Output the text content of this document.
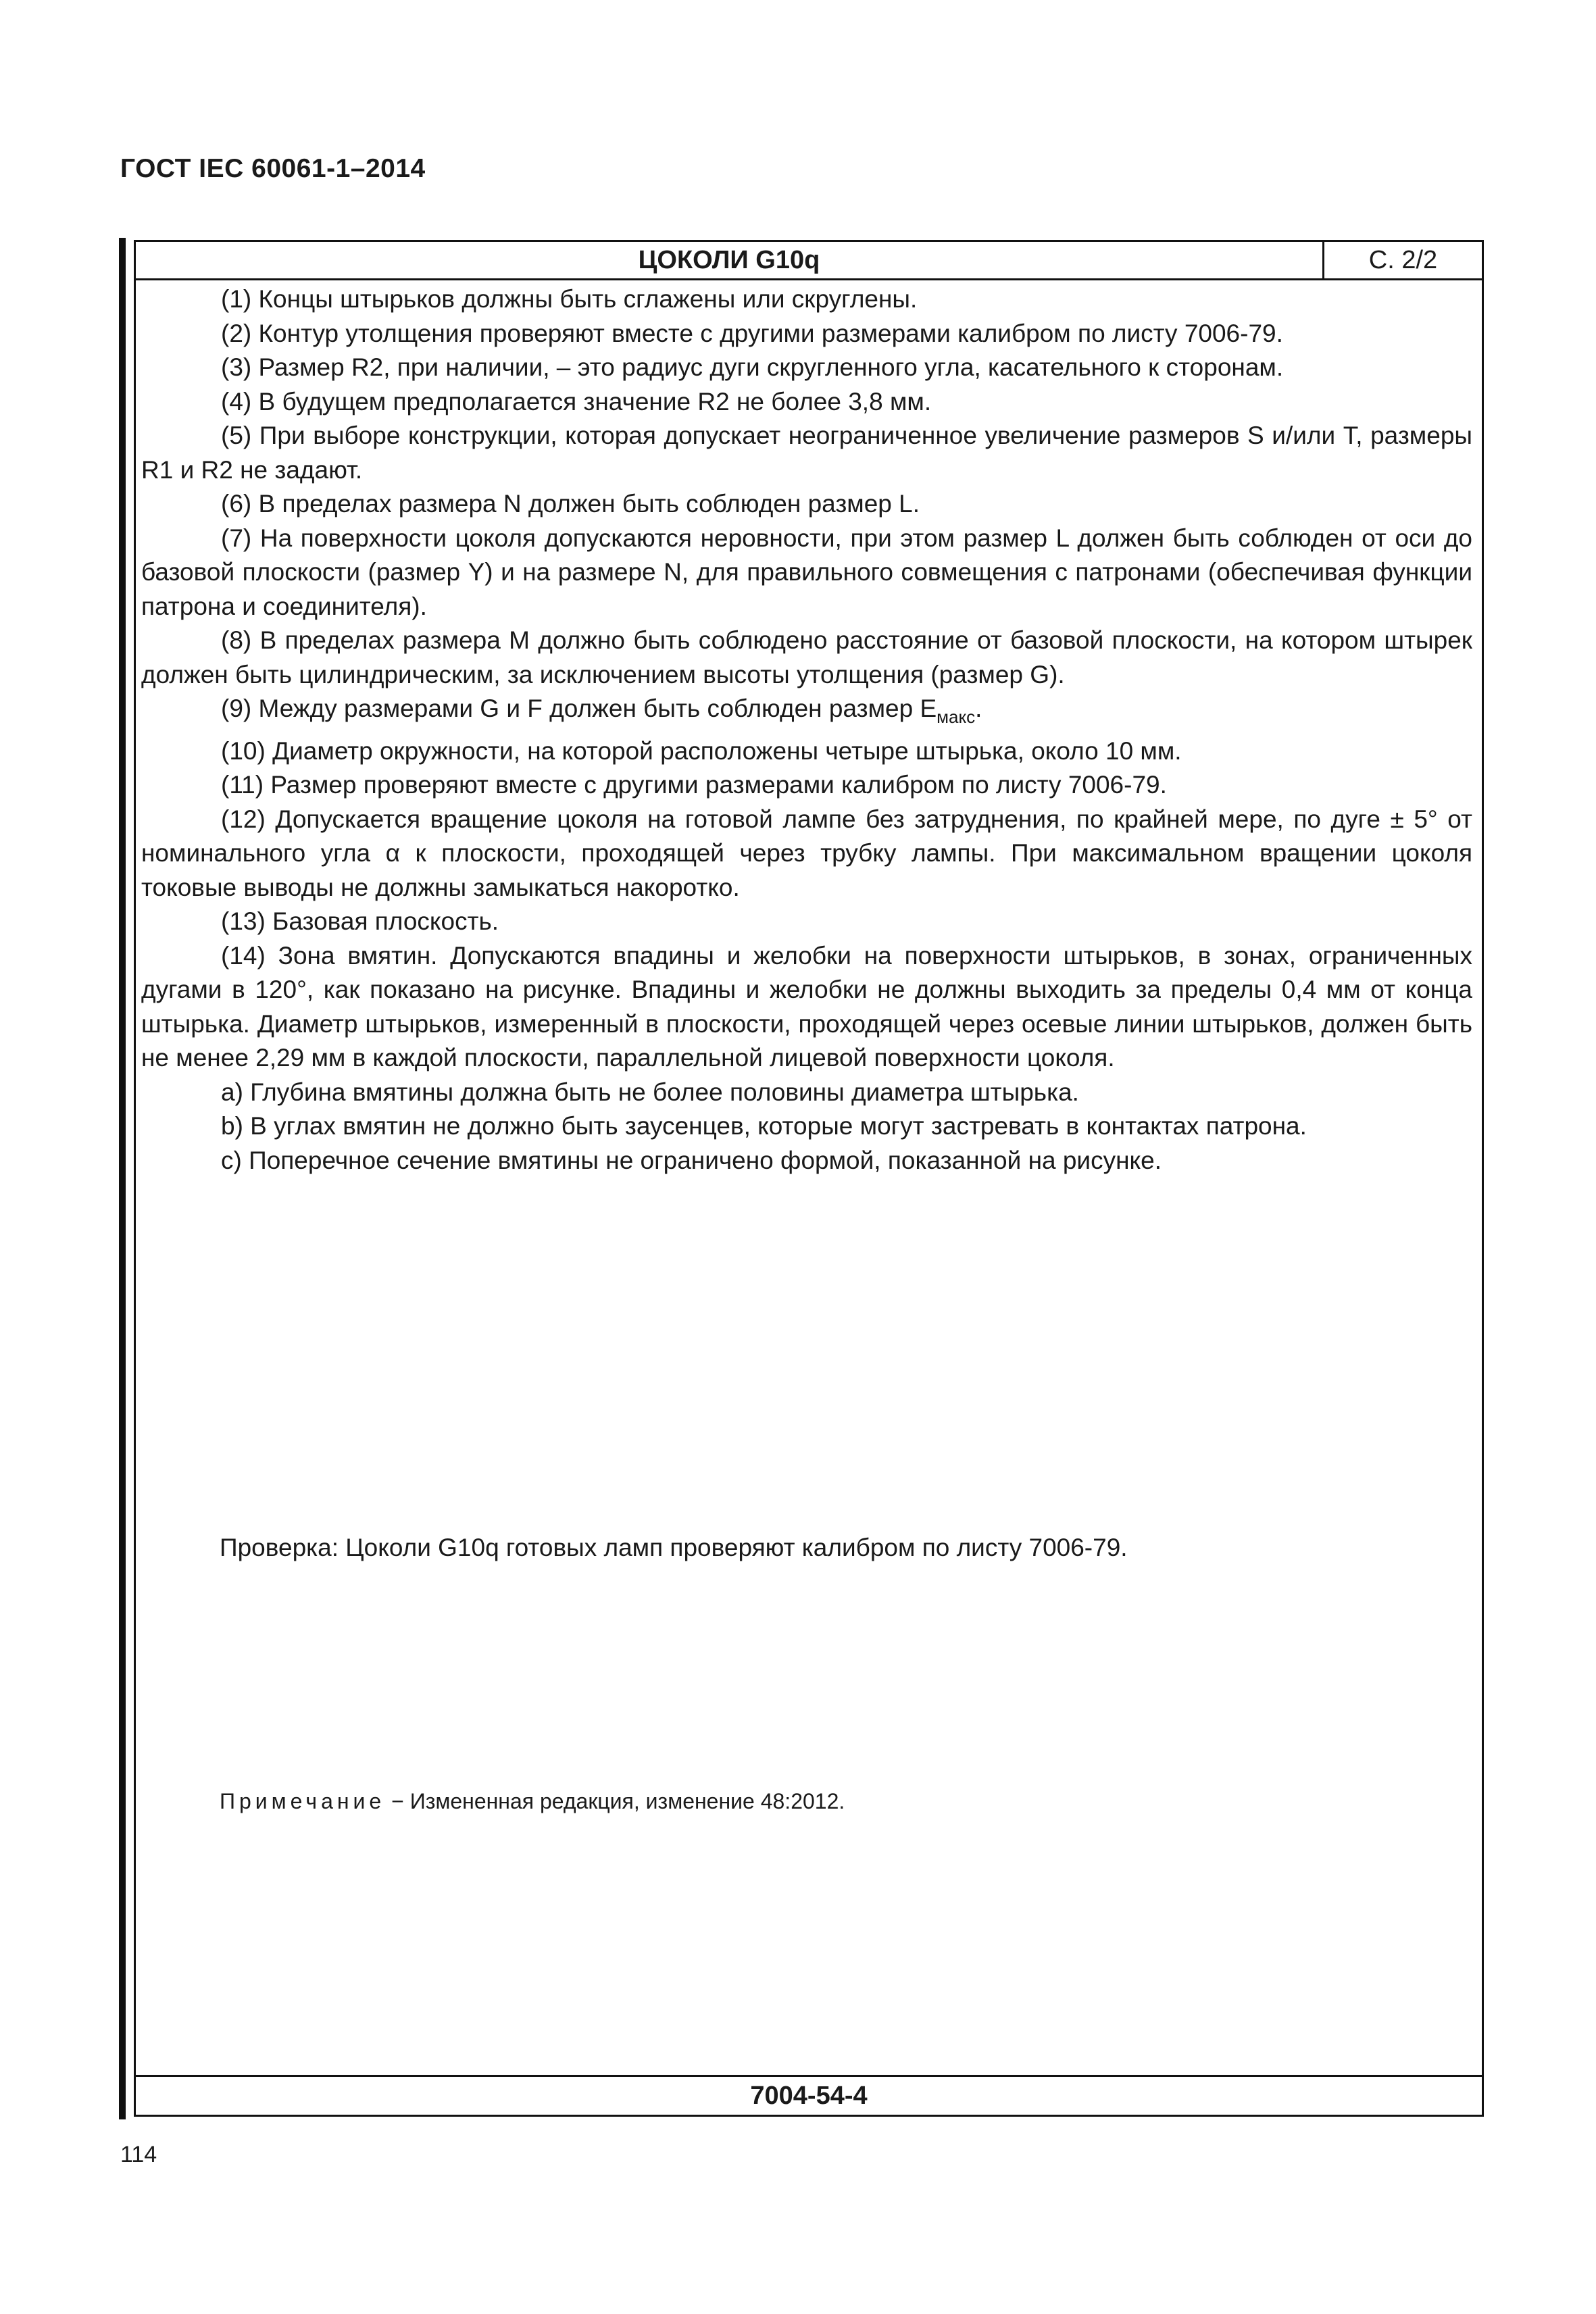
ГОСТ IEC 60061-1–2014
ЦОКОЛИ G10q	С. 2/2

(1) Концы штырьков должны быть сглажены или скруглены.

(2) Контур утолщения проверяют вместе с другими размерами калибром по листу 7006-79.

(3) Размер R2, при наличии, – это радиус дуги скругленного угла, касательного к сторонам.

(4) В будущем предполагается значение R2 не более 3,8 мм.

(5) При выборе конструкции, которая допускает неограниченное увеличение размеров S и/или T, размеры R1 и R2 не задают.

(6) В пределах размера N должен быть соблюден размер L.

(7) На поверхности цоколя допускаются неровности, при этом размер L должен быть соблюден от оси до базовой плоскости (размер Y) и на размере N, для правильного совмещения с патронами (обеспечивая функции патрона и соединителя).

(8) В пределах размера M должно быть соблюдено расстояние от базовой плоскости, на котором штырек должен быть цилиндрическим, за исключением высоты утолщения (размер G).

(9) Между размерами G и F должен быть соблюден размер $E_{макс}$.

(10) Диаметр окружности, на которой расположены четыре штырька, около 10 мм.

(11) Размер проверяют вместе с другими размерами калибром по листу 7006-79.

(12) Допускается вращение цоколя на готовой лампе без затруднения, по крайней мере, по дуге ± 5° от номинального угла α к плоскости, проходящей через трубку лампы. При максимальном вращении цоколя токовые выводы не должны замыкаться накоротко.

(13) Базовая плоскость.

(14) Зона вмятин. Допускаются впадины и желобки на поверхности штырьков, в зонах, ограниченных дугами в 120°, как показано на рисунке. Впадины и желобки не должны выходить за пределы 0,4 мм от конца штырька. Диаметр штырьков, измеренный в плоскости, проходящей через осевые линии штырьков, должен быть не менее 2,29 мм в каждой плоскости, параллельной лицевой поверхности цоколя.

a) Глубина вмятины должна быть не более половины диаметра штырька.

b) В углах вмятин не должно быть заусенцев, которые могут застревать в контактах патрона.

c) Поперечное сечение вмятины не ограничено формой, показанной на рисунке.

Проверка: Цоколи G10q готовых ламп проверяют калибром по листу 7006-79.
Примечание − Измененная редакция, изменение 48:2012.
7004-54-4
114
